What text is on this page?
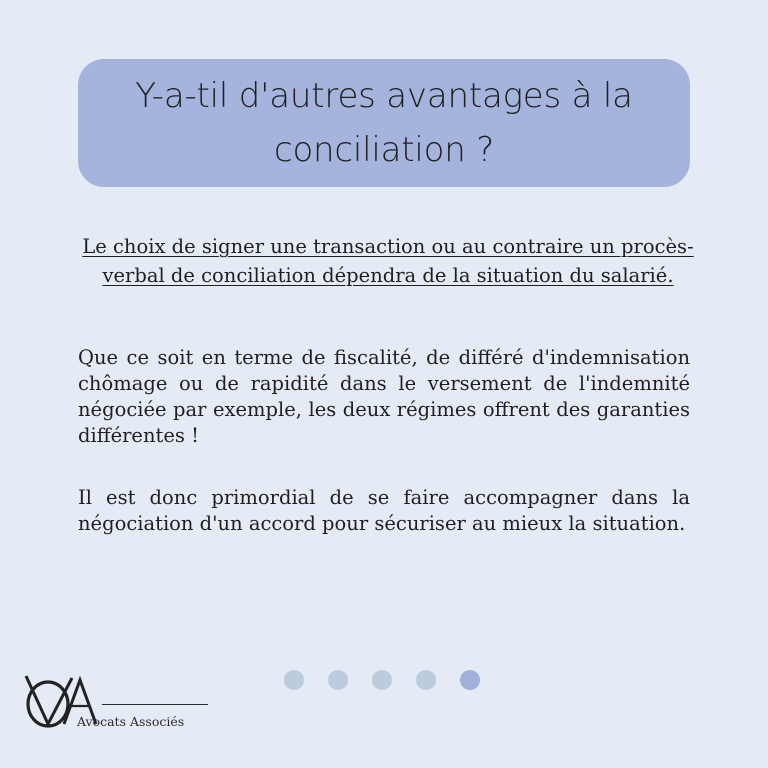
Y-a-til d'autres avantages à la conciliation ?
Le choix de signer une transaction ou au contraire un procès-verbal de conciliation dépendra de la situation du salarié.
Que ce soit en terme de fiscalité, de différé d'indemnisation chômage ou de rapidité dans le versement de l'indemnité négociée par exemple, les deux régimes offrent des garanties différentes !
Il est donc primordial de se faire accompagner dans la négociation d'un accord pour sécuriser au mieux la situation.
Avocats Associés
